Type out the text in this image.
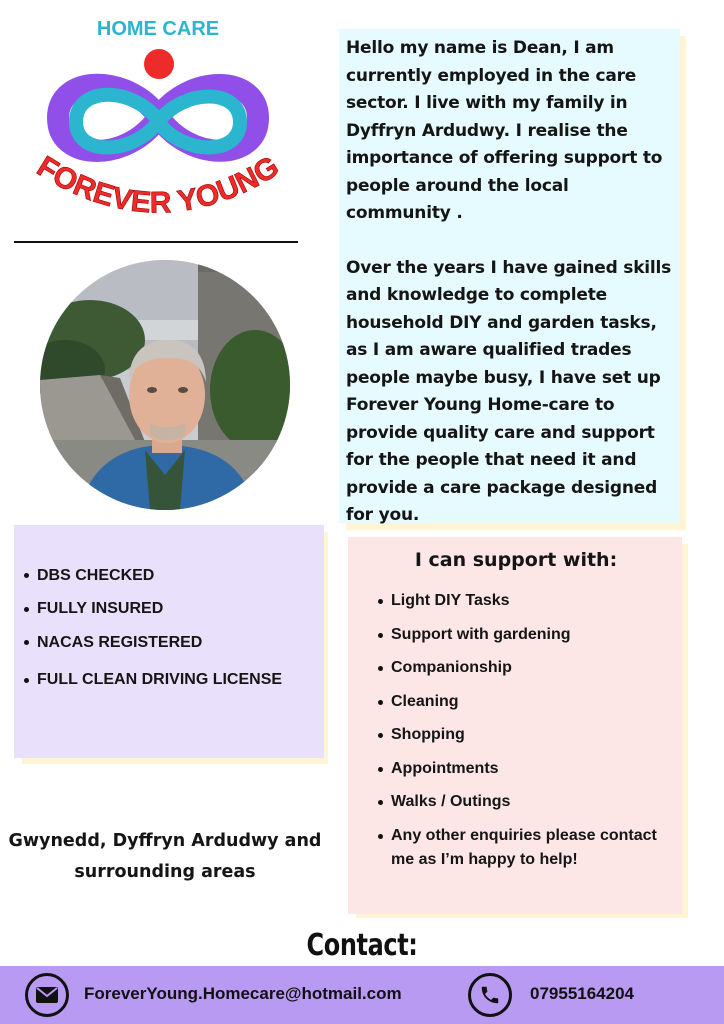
HOME CARE
FOREVER YOUNG

Hello my name is Dean, I am currently employed in the care sector. I live with my family in Dyffryn Ardudwy. I realise the importance of offering support to people around the local community .

Over the years I have gained skills and knowledge to complete household DIY and garden tasks, as I am aware qualified trades people maybe busy, I have set up Forever Young Home-care to provide quality care and support for the people that need it and provide a care package designed for you.

DBS CHECKED
FULLY INSURED
NACAS REGISTERED
FULL CLEAN DRIVING LICENSE
I can support with:
Light DIY Tasks
Support with gardening
Companionship
Cleaning
Shopping
Appointments
Walks / Outings
Any other enquiries please contact me as I’m happy to help!
Gwynedd, Dyffryn Ardudwy and
surrounding areas
Contact:
ForeverYoung.Homecare@hotmail.com	07955164204
